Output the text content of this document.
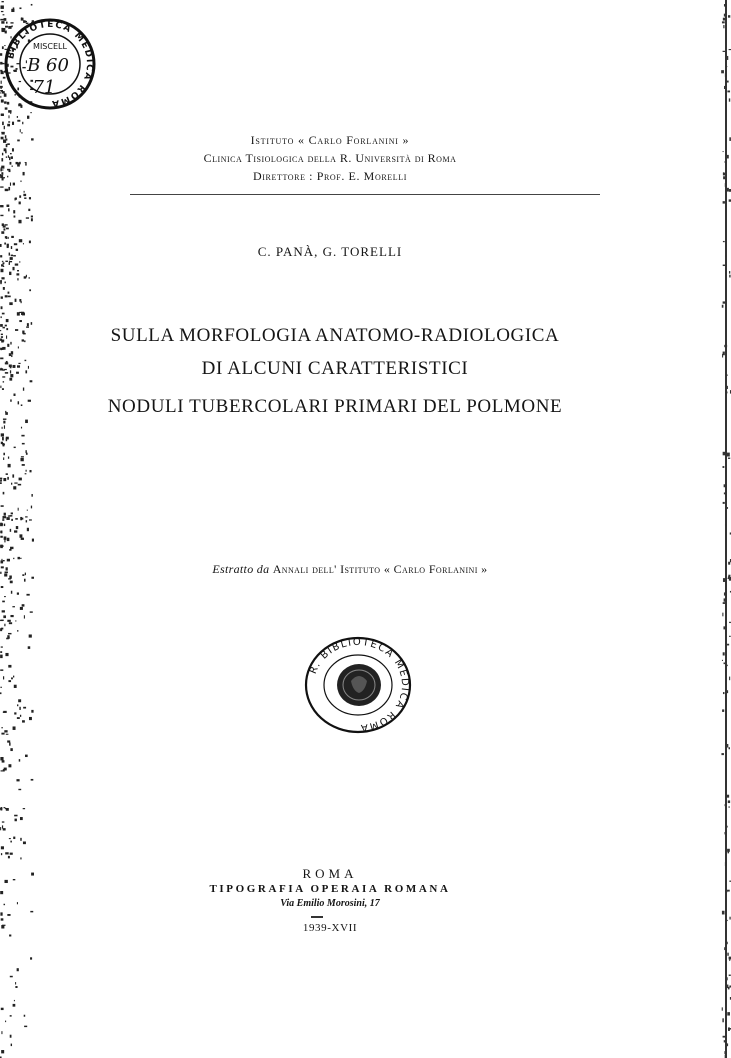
BIBLIOTECA MEDICA ROMA
MISCELL
B 60
71
Istituto « Carlo Forlanini »
Clinica Tisiologica della R. Università di Roma
Direttore : Prof. E. Morelli
C. PANÀ, G. TORELLI
SULLA MORFOLOGIA ANATOMO-RADIOLOGICA
DI ALCUNI CARATTERISTICI
NODULI TUBERCOLARI PRIMARI DEL POLMONE
Estratto da Annali dell' Istituto « Carlo Forlanini »
R. BIBLIOTECA MEDICA ROMA
ROMA
TIPOGRAFIA OPERAIA ROMANA
Via Emilio Morosini, 17
1939-XVII
